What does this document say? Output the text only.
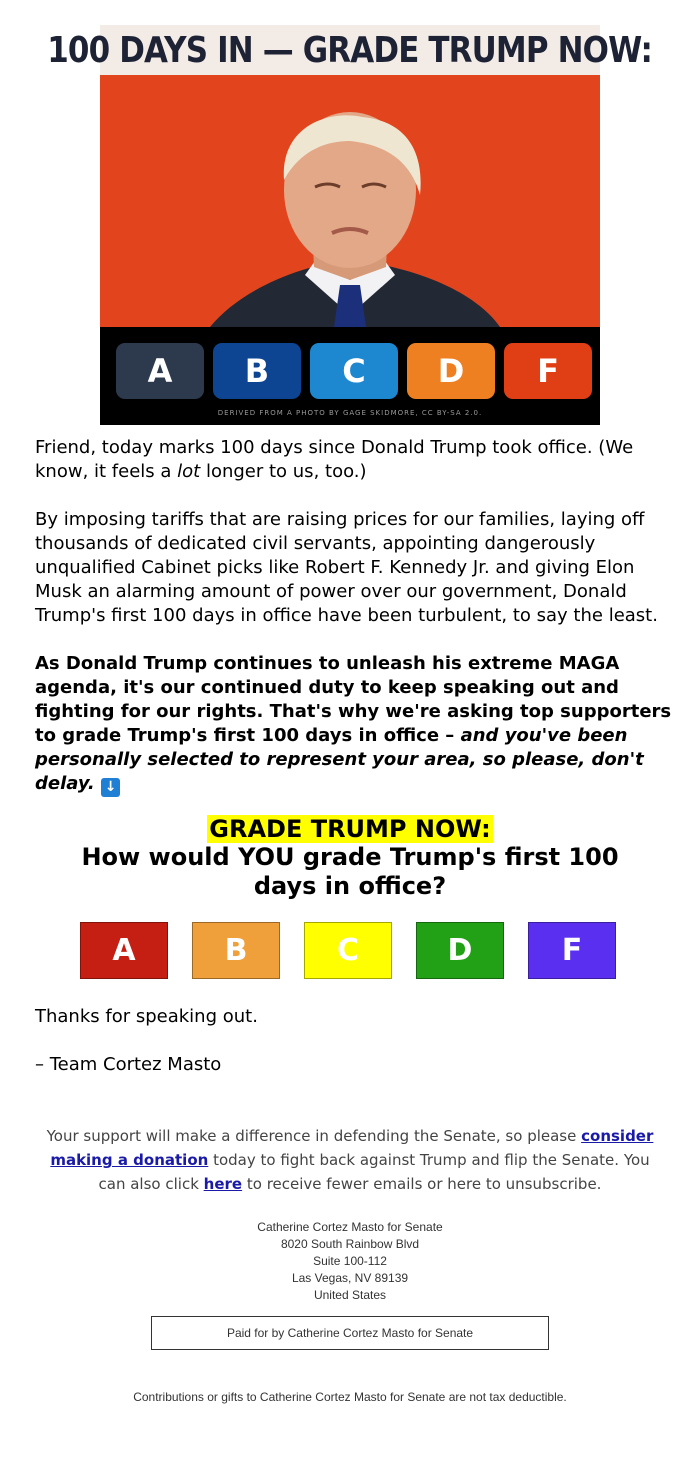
100 DAYS IN — GRADE TRUMP NOW:
A	B	C	D	F
DERIVED FROM A PHOTO BY GAGE SKIDMORE, CC BY-SA 2.0.
Friend, today marks 100 days since Donald Trump took office. (We know, it feels a lot longer to us, too.)
By imposing tariffs that are raising prices for our families, laying off thousands of dedicated civil servants, appointing dangerously unqualified Cabinet picks like Robert F. Kennedy Jr. and giving Elon Musk an alarming amount of power over our government, Donald Trump's first 100 days in office have been turbulent, to say the least.
As Donald Trump continues to unleash his extreme MAGA agenda, it's our continued duty to keep speaking out and fighting for our rights. That's why we're asking top supporters to grade Trump's first 100 days in office – and you've been personally selected to represent your area, so please, don't delay. ↓
GRADE TRUMP NOW:
How would YOU grade Trump's first 100 days in office?
A	B	C	D	F
Thanks for speaking out.
– Team Cortez Masto
Your support will make a difference in defending the Senate, so please consider making a donation today to fight back against Trump and flip the Senate. You can also click here to receive fewer emails or here to unsubscribe.
Catherine Cortez Masto for Senate
8020 South Rainbow Blvd
Suite 100-112
Las Vegas, NV 89139
United States
Paid for by Catherine Cortez Masto for Senate
Contributions or gifts to Catherine Cortez Masto for Senate are not tax deductible.
